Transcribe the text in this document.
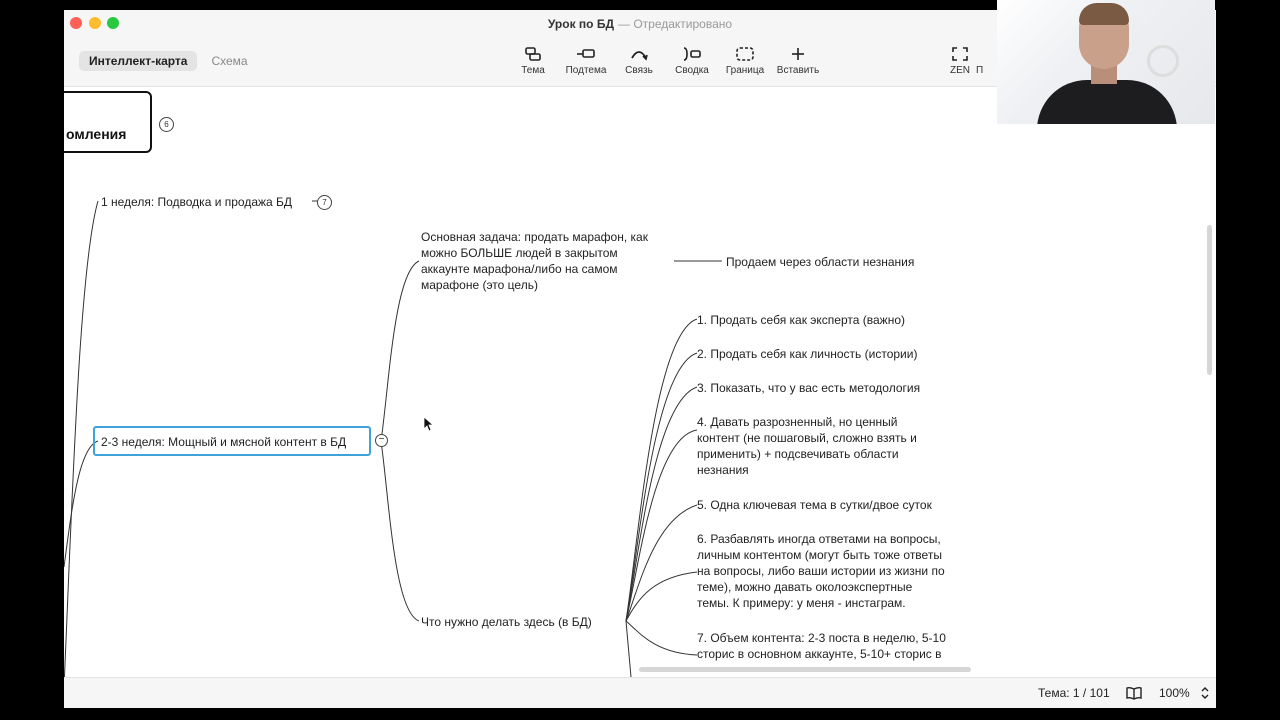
Урок по БД — Отредактировано
Интеллект-карта	Схема
Тема	Подтема	Связь	Сводка	Граница	Вставить	ZEN П
омления
6
1 неделя: Подводка и продажа БД	7
2-3 неделя: Мощный и мясной контент в БД	−
Основная задача: продать марафон, как
можно БОЛЬШЕ людей в закрытом
аккаунте марафона/либо на самом
марафоне (это цель)
Продаем через области незнания
Что нужно делать здесь (в БД)
1. Продать себя как эксперта (важно)
2. Продать себя как личность (истории)
3. Показать, что у вас есть методология
4. Давать разрозненный, но ценный
контент (не пошаговый, сложно взять и
применить) + подсвечивать области
незнания
5. Одна ключевая тема в сутки/двое суток
6. Разбавлять иногда ответами на вопросы,
личным контентом (могут быть тоже ответы
на вопросы, либо ваши истории из жизни по
теме), можно давать околоэкспертные
темы. К примеру: у меня - инстаграм.
7. Объем контента: 2-3 поста в неделю, 5-10
сторис в основном аккаунте, 5-10+ сторис в
Тема: 1 / 101	100%
